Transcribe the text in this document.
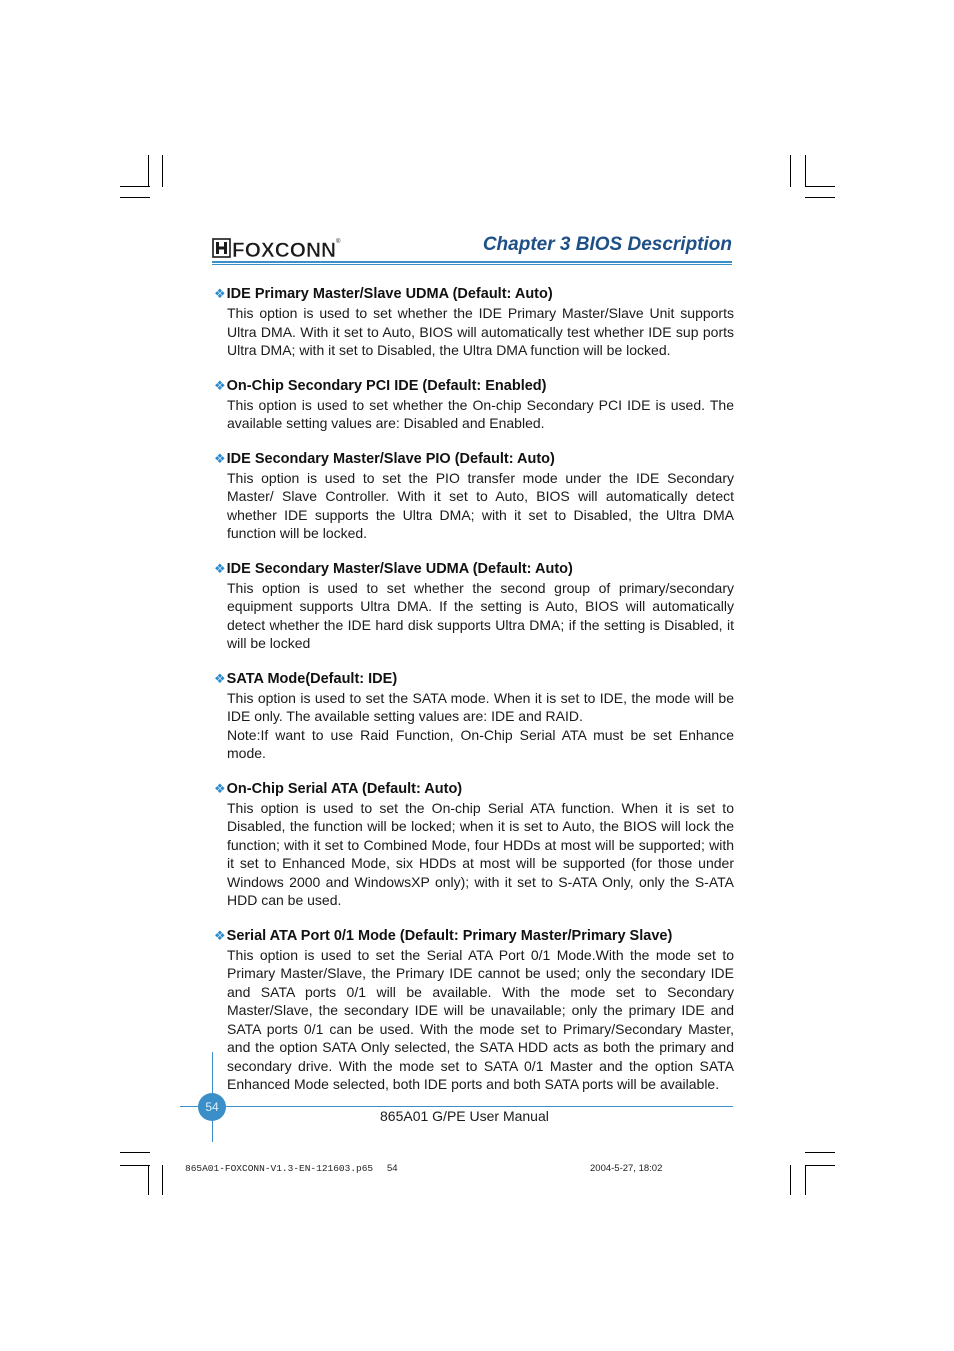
FOXCONN ®	Chapter 3 BIOS Description
❖IDE Primary Master/Slave UDMA (Default: Auto)

This option is used to set whether the IDE Primary Master/Slave Unit supports Ultra DMA. With it set to Auto, BIOS will automatically test whether IDE sup ports Ultra DMA; with it set to Disabled, the Ultra DMA function will be locked.

❖On-Chip Secondary PCI IDE (Default: Enabled)

This option is used to set whether the On-chip Secondary PCI IDE is used. The available setting values are: Disabled and Enabled.

❖IDE Secondary Master/Slave PIO (Default: Auto)

This option is used to set the PIO transfer mode under the IDE Secondary Master/ Slave Controller. With it set to Auto, BIOS will automatically detect whether IDE supports the Ultra DMA; with it set to Disabled, the Ultra DMA function will be locked.

❖IDE Secondary Master/Slave UDMA (Default: Auto)

This option is used to set whether the second group of primary/secondary equipment supports Ultra DMA. If the setting is Auto, BIOS will automatically detect whether the IDE hard disk supports Ultra DMA; if the setting is Disabled, it will be locked

❖SATA Mode(Default: IDE)

This option is used to set the SATA mode. When it is set to IDE, the mode will be IDE only. The available setting values are: IDE and RAID.

Note:If want to use Raid Function, On-Chip Serial ATA must be set Enhance mode.

❖On-Chip Serial ATA (Default: Auto)

This option is used to set the On-chip Serial ATA function. When it is set to Disabled, the function will be locked; when it is set to Auto, the BIOS will lock the function; with it set to Combined Mode, four HDDs at most will be supported; with it set to Enhanced Mode, six HDDs at most will be supported (for those under Windows 2000 and WindowsXP only); with it set to S-ATA Only, only the S-ATA HDD can be used.

❖Serial ATA Port 0/1 Mode (Default: Primary Master/Primary Slave)

This option is used to set the Serial ATA Port 0/1 Mode.With the mode set to Primary Master/Slave, the Primary IDE cannot be used; only the secondary IDE and SATA ports 0/1 will be available. With the mode set to Secondary Master/Slave, the secondary IDE will be unavailable; only the primary IDE and SATA ports 0/1 can be used. With the mode set to Primary/Secondary Master, and the option SATA Only selected, the SATA HDD acts as both the primary and secondary drive. With the mode set to SATA 0/1 Master and the option SATA Enhanced Mode selected, both IDE ports and both SATA ports will be available.

54
865A01 G/PE User Manual
865A01-FOXCONN-V1.3-EN-121603.p65 54	2004-5-27, 18:02
